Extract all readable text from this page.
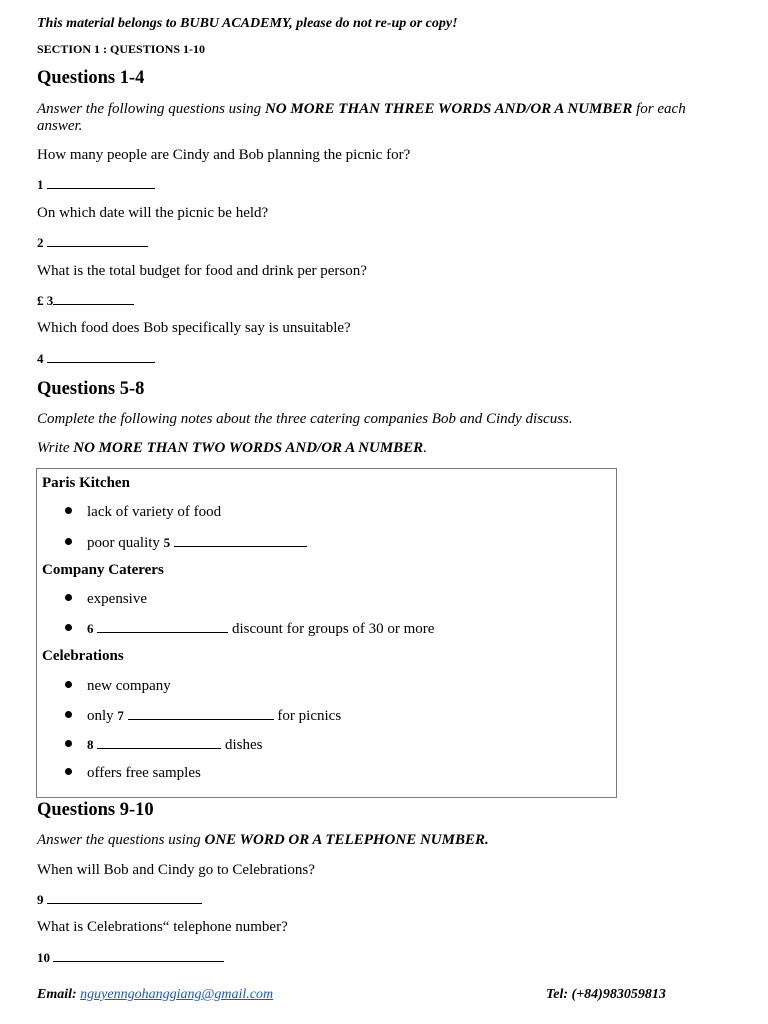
This material belongs to BUBU ACADEMY, please do not re-up or copy!
SECTION 1 : QUESTIONS 1-10
Questions 1-4
Answer the following questions using NO MORE THAN THREE WORDS AND/OR A NUMBER for each answer.
How many people are Cindy and Bob planning the picnic for?
1
On which date will the picnic be held?
2
What is the total budget for food and drink per person?
£ 3
Which food does Bob specifically say is unsuitable?
4
Questions 5-8
Complete the following notes about the three catering companies Bob and Cindy discuss.
Write NO MORE THAN TWO WORDS AND/OR A NUMBER.
Paris Kitchen
lack of variety of food
poor quality 5
Company Caterers
expensive
6	discount for groups of 30 or more
Celebrations
new company
only 7	for picnics
8	dishes
offers free samples
Questions 9-10
Answer the questions using ONE WORD OR A TELEPHONE NUMBER.
When will Bob and Cindy go to Celebrations?
9
What is Celebrations“ telephone number?
10
Email: nguyenngohanggiang@gmail.com	Tel: (+84)983059813
